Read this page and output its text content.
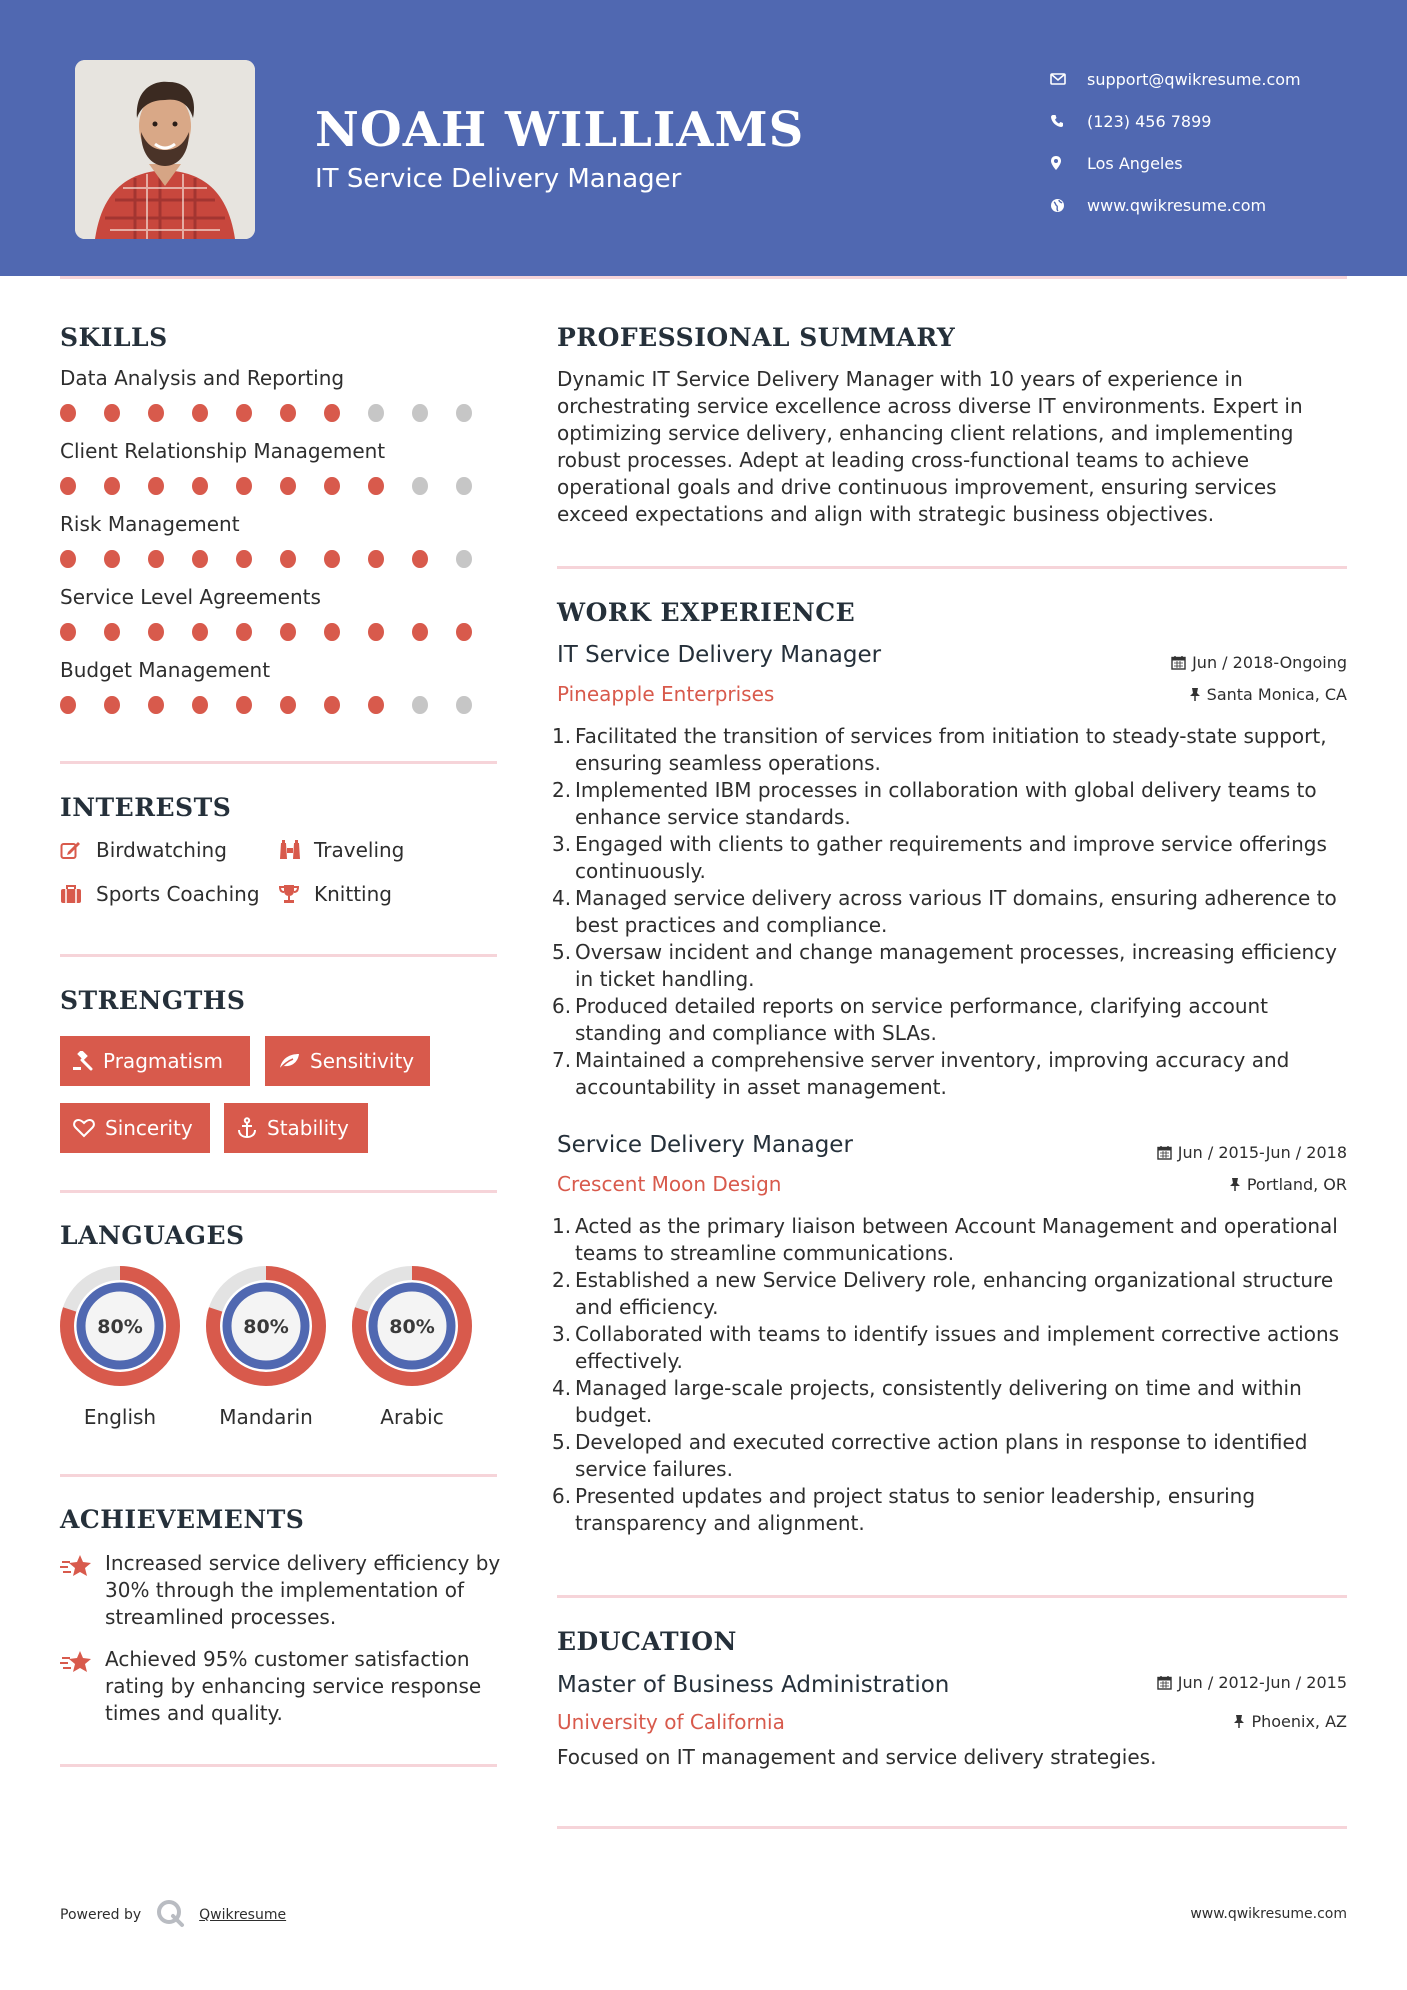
NOAH WILLIAMS
IT Service Delivery Manager
support@qwikresume.com
(123) 456 7899
Los Angeles
www.qwikresume.com
SKILLS
Data Analysis and Reporting
Client Relationship Management
Risk Management
Service Level Agreements
Budget Management
INTERESTS
Birdwatching	Traveling
Sports Coaching	Knitting
STRENGTHS
Pragmatism	Sensitivity
Sincerity	Stability
LANGUAGES
80%
English
80%
Mandarin
80%
Arabic
ACHIEVEMENTS
Increased service delivery efficiency by 30% through the implementation of streamlined processes.
Achieved 95% customer satisfaction rating by enhancing service response times and quality.
PROFESSIONAL SUMMARY
Dynamic IT Service Delivery Manager with 10 years of experience in orchestrating service excellence across diverse IT environments. Expert in optimizing service delivery, enhancing client relations, and implementing robust processes. Adept at leading cross-functional teams to achieve operational goals and drive continuous improvement, ensuring services exceed expectations and align with strategic business objectives.
WORK EXPERIENCE
IT Service Delivery Manager	Jun / 2018-Ongoing
Pineapple Enterprises	Santa Monica, CA
1. Facilitated the transition of services from initiation to steady-state support, ensuring seamless operations.
2. Implemented IBM processes in collaboration with global delivery teams to enhance service standards.
3. Engaged with clients to gather requirements and improve service offerings continuously.
4. Managed service delivery across various IT domains, ensuring adherence to best practices and compliance.
5. Oversaw incident and change management processes, increasing efficiency in ticket handling.
6. Produced detailed reports on service performance, clarifying account standing and compliance with SLAs.
7. Maintained a comprehensive server inventory, improving accuracy and accountability in asset management.
Service Delivery Manager	Jun / 2015-Jun / 2018
Crescent Moon Design	Portland, OR
1. Acted as the primary liaison between Account Management and operational teams to streamline communications.
2. Established a new Service Delivery role, enhancing organizational structure and efficiency.
3. Collaborated with teams to identify issues and implement corrective actions effectively.
4. Managed large-scale projects, consistently delivering on time and within budget.
5. Developed and executed corrective action plans in response to identified service failures.
6. Presented updates and project status to senior leadership, ensuring transparency and alignment.
EDUCATION
Master of Business Administration	Jun / 2012-Jun / 2015
University of California	Phoenix, AZ
Focused on IT management and service delivery strategies.
Powered by	Qwikresume	www.qwikresume.com
